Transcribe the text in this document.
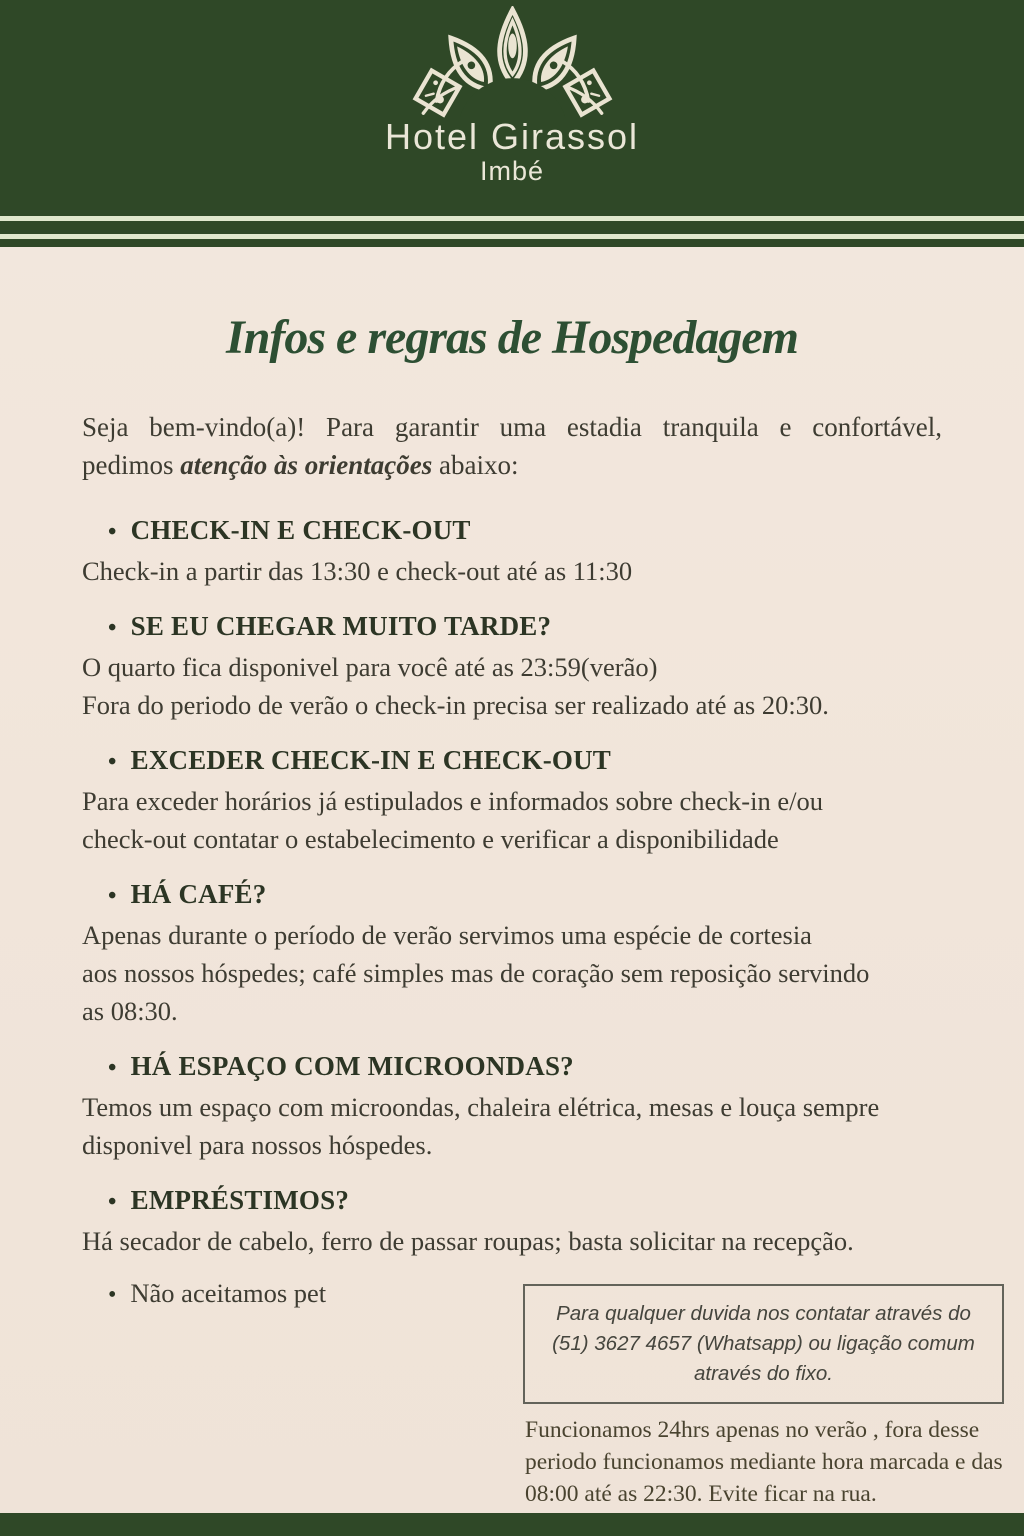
Hotel Girassol
Imbé
Infos e regras de Hospedagem
Seja bem-vindo(a)! Para garantir uma estadia tranquila e confortável,
pedimos atenção às orientações abaixo:
• CHECK-IN E CHECK-OUT

Check-in a partir das 13:30 e check-out até as 11:30

• SE EU CHEGAR MUITO TARDE?

O quarto fica disponivel para você até as 23:59(verão)

Fora do periodo de verão o check-in precisa ser realizado até as 20:30.

• EXCEDER CHECK-IN E CHECK-OUT

Para exceder horários já estipulados e informados sobre check-in e/ou

check-out contatar o estabelecimento e verificar a disponibilidade

• HÁ CAFÉ?

Apenas durante o período de verão servimos uma espécie de cortesia

aos nossos hóspedes; café simples mas de coração sem reposição servindo

as 08:30.

• HÁ ESPAÇO COM MICROONDAS?

Temos um espaço com microondas, chaleira elétrica, mesas e louça sempre

disponivel para nossos hóspedes.

• EMPRÉSTIMOS?

Há secador de cabelo, ferro de passar roupas; basta solicitar na recepção.

• Não aceitamos pet
Para qualquer duvida nos contatar através do
(51) 3627 4657 (Whatsapp) ou ligação comum
através do fixo.
Funcionamos 24hrs apenas no verão , fora desse
periodo funcionamos mediante hora marcada e das
08:00 até as 22:30. Evite ficar na rua.
